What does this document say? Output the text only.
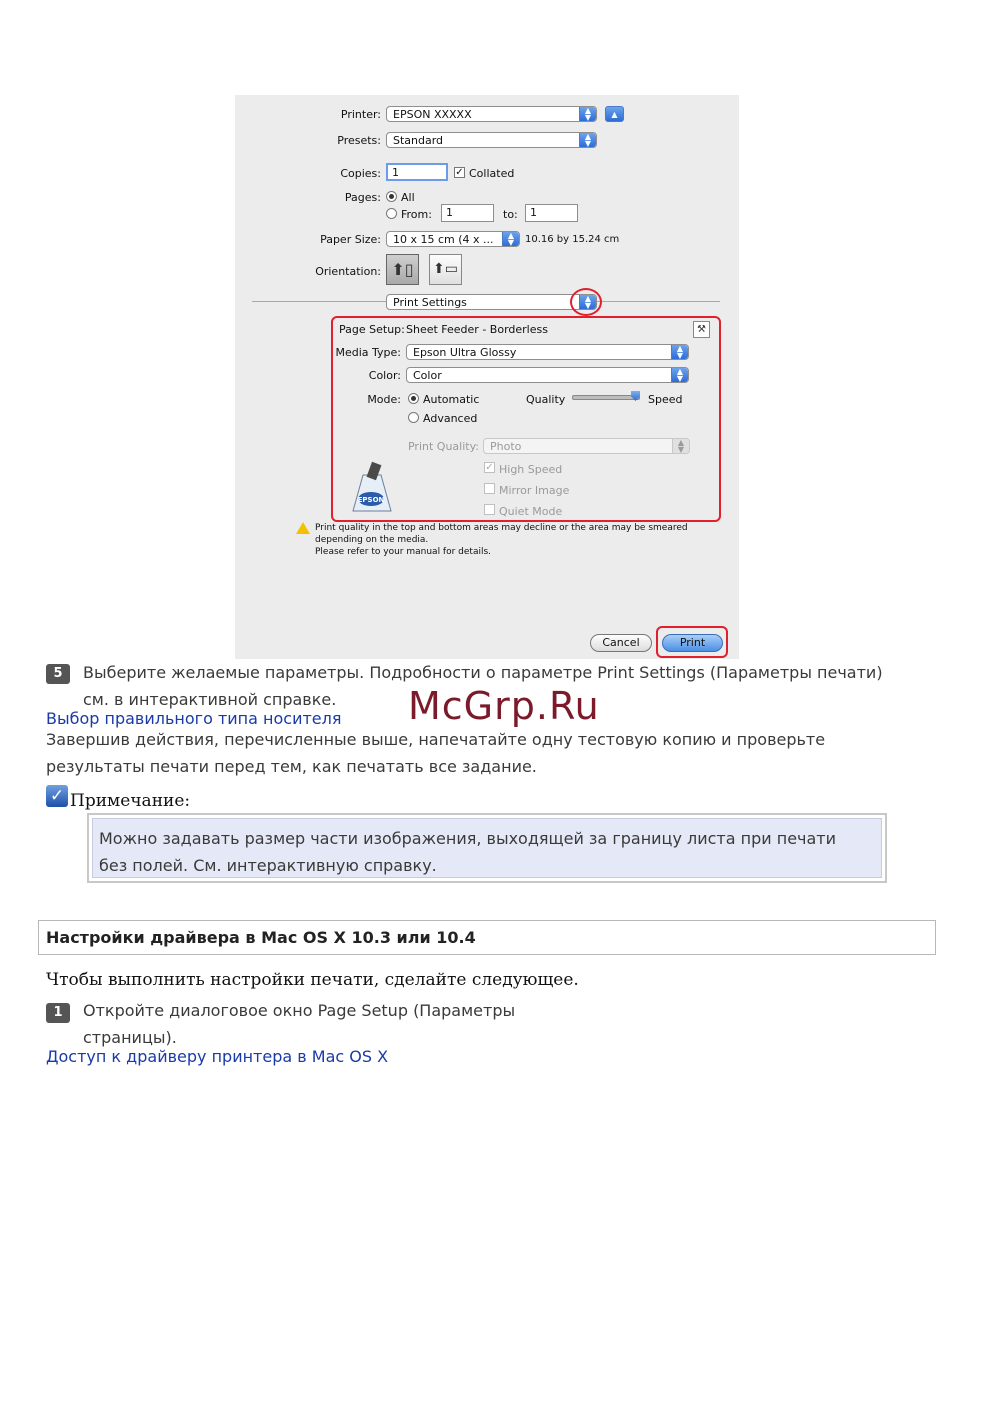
Printer:	EPSON XXXXX	▲
▼	▲
Presets:	Standard	▲
▼
Copies:	1	✓ Collated
Pages: All
From:	1	to:	1
Paper Size:	10 x 15 cm (4 x ...	▲
▼	10.16 by 15.24 cm
Orientation: ⬆▯	⬆▭
Print Settings	▲
▼
Page Setup: Sheet Feeder - Borderless	⚒
Media Type:	Epson Ultra Glossy	▲
▼
Color:	Color	▲
▼
Mode: Automatic
Advanced
Quality	Speed
Print Quality:	Photo	▲
▼
✓ High Speed
Mirror Image
Quiet Mode
EPSON
Print quality in the top and bottom areas may decline or the area may be smeared
depending on the media.
Please refer to your manual for details.
Cancel	Print
5	Выберите желаемые параметры. Подробности о параметре Print Settings (Параметры печати)
см. в интерактивной справке.	McGrp.Ru
Выбор правильного типа носителя
Завершив действия, перечисленные выше, напечатайте одну тестовую копию и проверьте
результаты печати перед тем, как печатать все задание.
✓ Примечание:
Можно задавать размер части изображения, выходящей за границу листа при печати
без полей. См. интерактивную справку.
Настройки драйвера в Mac OS X 10.3 или 10.4
Чтобы выполнить настройки печати, сделайте следующее.
1	Откройте диалоговое окно Page Setup (Параметры
страницы).
Доступ к драйверу принтера в Mac OS X
